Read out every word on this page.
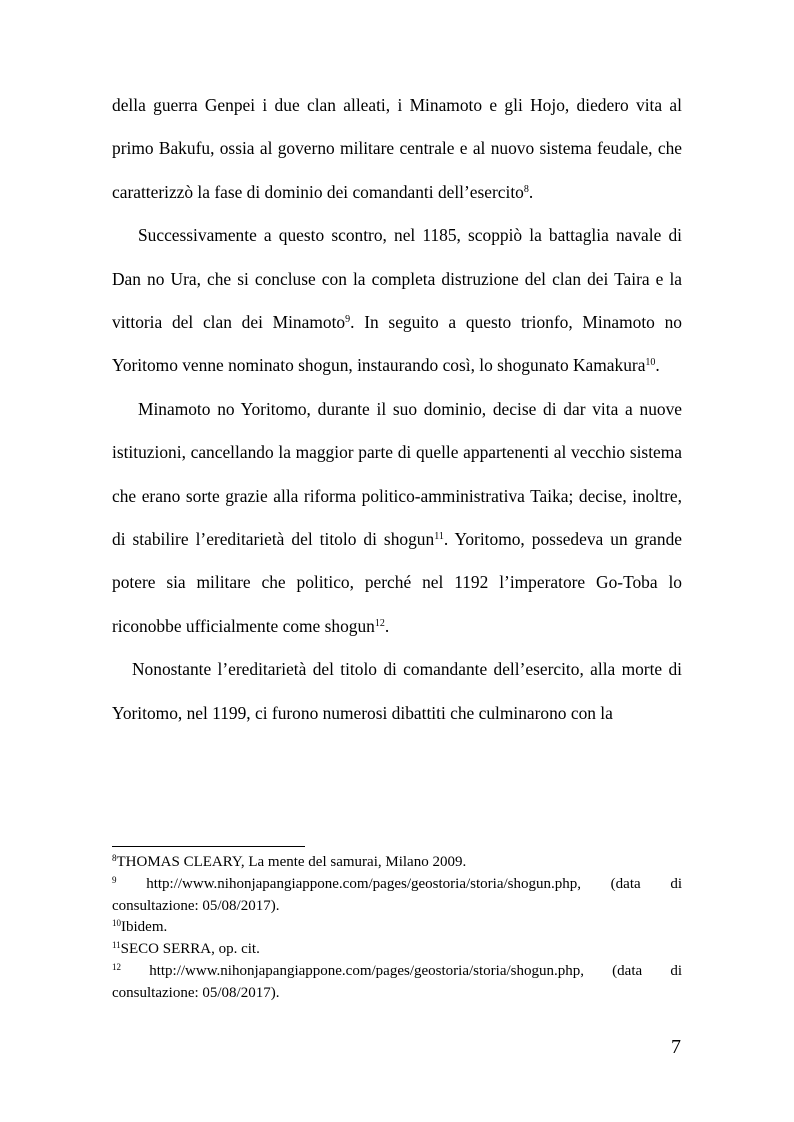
della guerra Genpei i due clan alleati, i Minamoto e gli Hojo, diedero vita al primo Bakufu, ossia al governo militare centrale e al nuovo sistema feudale, che caratterizzò la fase di dominio dei comandanti dell’esercito$^8$.

Successivamente a questo scontro, nel 1185, scoppiò la battaglia navale di Dan no Ura, che si concluse con la completa distruzione del clan dei Taira e la vittoria del clan dei Minamoto$^9$. In seguito a questo trionfo, Minamoto no Yoritomo venne nominato shogun, instaurando così, lo shogunato Kamakura$^{10}$.

Minamoto no Yoritomo, durante il suo dominio, decise di dar vita a nuove istituzioni, cancellando la maggior parte di quelle appartenenti al vecchio sistema che erano sorte grazie alla riforma politico-amministrativa Taika; decise, inoltre, di stabilire l’ereditarietà del titolo di shogun$^{11}$. Yoritomo, possedeva un grande potere sia militare che politico, perché nel 1192 l’imperatore Go-Toba lo riconobbe ufficialmente come shogun$^{12}$.

Nonostante l’ereditarietà del titolo di comandante dell’esercito, alla morte di Yoritomo, nel 1199, ci furono numerosi dibattiti che culminarono con la

$^8$THOMAS CLEARY, La mente del samurai, Milano 2009.

$^9$ http://www.nihonjapangiappone.com/pages/geostoria/storia/shogun.php, (data di consultazione: 05/08/2017).

$^{10}$Ibidem.

$^{11}$SECO SERRA, op. cit.

$^{12}$ http://www.nihonjapangiappone.com/pages/geostoria/storia/shogun.php, (data di consultazione: 05/08/2017).

7
